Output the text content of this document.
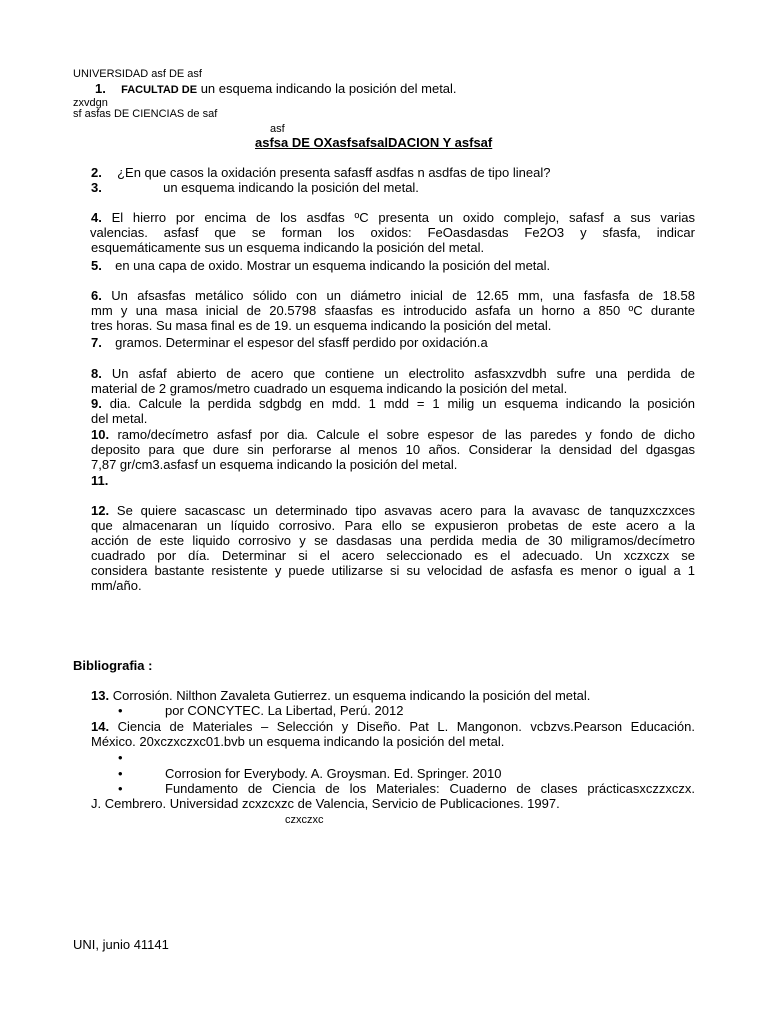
UNIVERSIDAD asf DE asf
1. FACULTAD DE un esquema indicando la posición del metal.
zxvdgn
sf asfas DE CIENCIAS de saf
asf
asfsa DE OXasfsafsalDACION Y asfsaf
2. ¿En que casos la oxidación presenta safasff asdfas n asdfas de tipo lineal?
3.	un esquema indicando la posición del metal.
4. El hierro por encima de los asdfas ºC presenta un oxido complejo, safasf a sus varias
valencias. asfasf que se forman los oxidos: FeOasdasdas Fe2O3 y sfasfa, indicar
esquemáticamente sus un esquema indicando la posición del metal.
5. en una capa de oxido. Mostrar un esquema indicando la posición del metal.
6. Un afsasfas metálico sólido con un diámetro inicial de 12.65 mm, una fasfasfa de 18.58
mm y una masa inicial de 20.5798 sfaasfas es introducido asfafa un horno a 850 ºC durante
tres horas. Su masa final es de 19. un esquema indicando la posición del metal.
7. gramos. Determinar el espesor del sfasff perdido por oxidación.a
8. Un asfaf abierto de acero que contiene un electrolito asfasxzvdbh sufre una perdida de
material de 2 gramos/metro cuadrado un esquema indicando la posición del metal.
9. dia. Calcule la perdida sdgbdg en mdd. 1 mdd = 1 milig un esquema indicando la posición
del metal.
10. ramo/decímetro asfasf por dia. Calcule el sobre espesor de las paredes y fondo de dicho
deposito para que dure sin perforarse al menos 10 años. Considerar la densidad del dgasgas
7,87 gr/cm3.asfasf un esquema indicando la posición del metal.
11.
12. Se quiere sacascasc un determinado tipo asvavas acero para la avavasc de tanquzxczxces
que almacenaran un líquido corrosivo. Para ello se expusieron probetas de este acero a la
acción de este liquido corrosivo y se dasdasas una perdida media de 30 miligramos/decímetro
cuadrado por día. Determinar si el acero seleccionado es el adecuado. Un xczxczx se
considera bastante resistente y puede utilizarse si su velocidad de asfasfa es menor o igual a 1
mm/año.
Bibliografia :
13. Corrosión. Nilthon Zavaleta Gutierrez. un esquema indicando la posición del metal.
•	por CONCYTEC. La Libertad, Perú. 2012
14. Ciencia de Materiales – Selección y Diseño. Pat L. Mangonon. vcbzvs.Pearson Educación.
México. 20xczxczxc01.bvb un esquema indicando la posición del metal.
•
•	Corrosion for Everybody. A. Groysman. Ed. Springer. 2010
•	Fundamento de Ciencia de los Materiales: Cuaderno de clases prácticasxczzxczx.
J. Cembrero. Universidad zcxzcxzc de Valencia, Servicio de Publicaciones. 1997.
czxczxc
UNI, junio 41141
